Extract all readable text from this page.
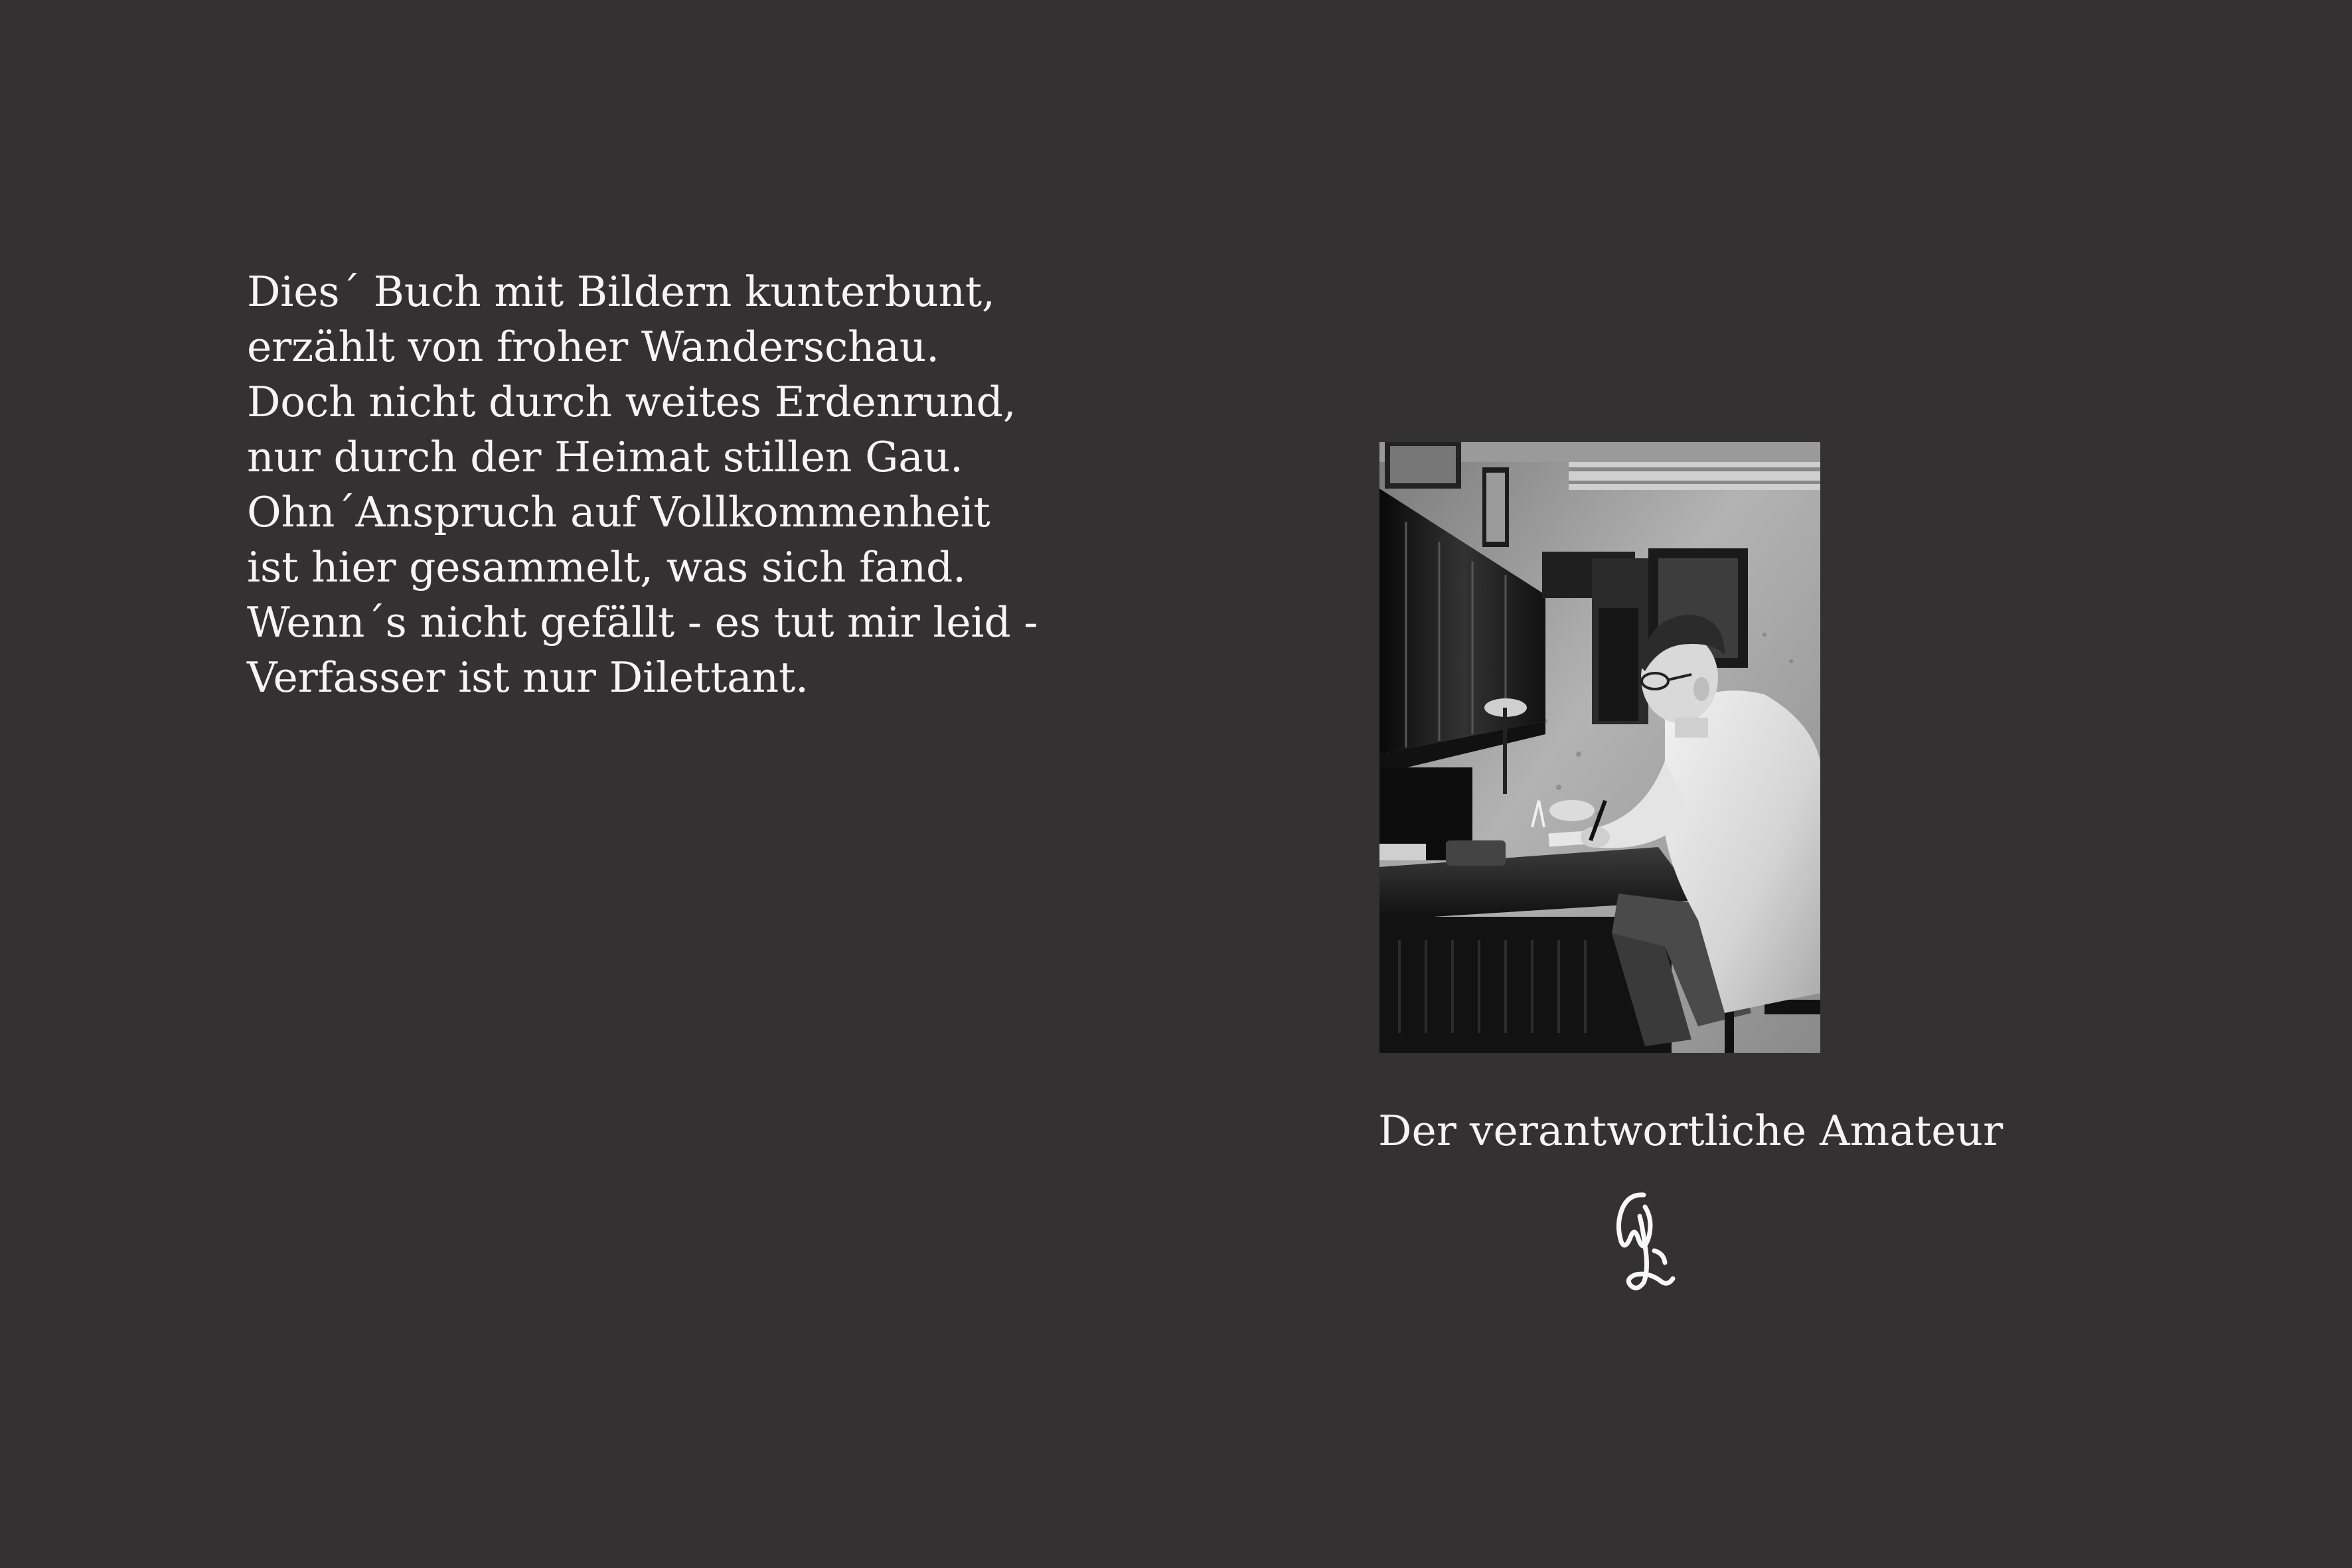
Dies´ Buch mit Bildern kunterbunt,
erzählt von froher Wanderschau.
Doch nicht durch weites Erdenrund,
nur durch der Heimat stillen Gau.
Ohn´Anspruch auf Vollkommenheit
ist hier gesammelt, was sich fand.
Wenn´s nicht gefällt - es tut mir leid -
Verfasser ist nur Dilettant.
Der verantwortliche Amateur
